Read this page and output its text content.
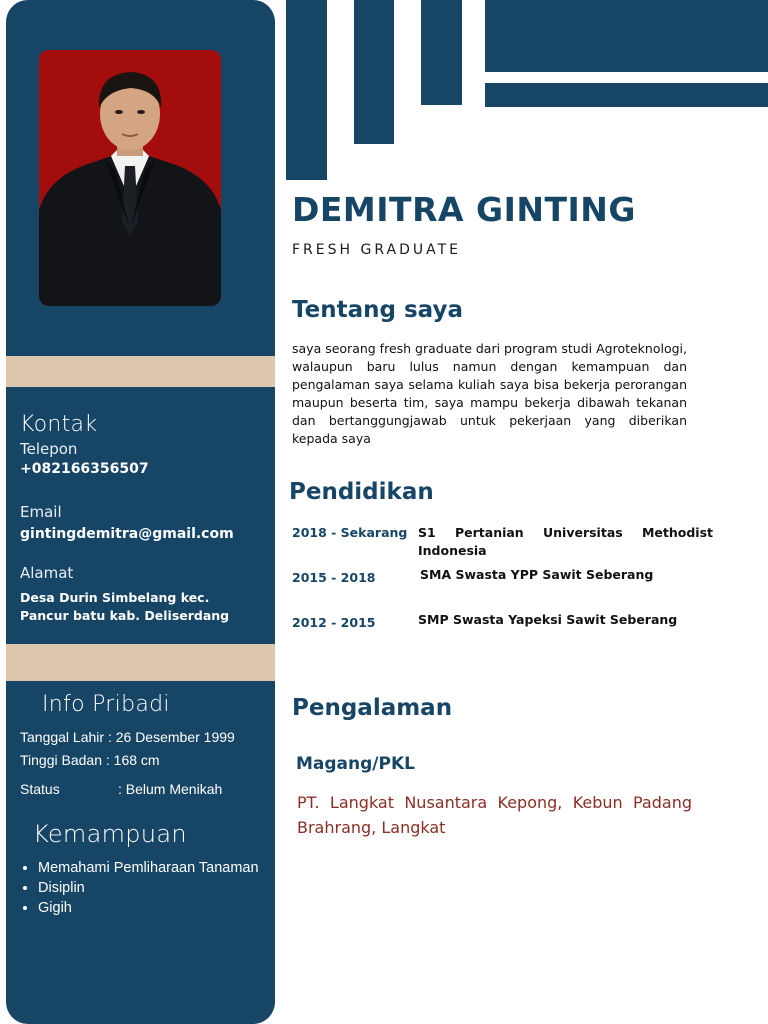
Kontak
Telepon
+082166356507
Email
gintingdemitra@gmail.com
Alamat
Desa Durin Simbelang kec.
Pancur batu kab. Deliserdang
Info Pribadi
Tanggal Lahir : 26 Desember 1999
Tinggi Badan : 168 cm
Status	: Belum Menikah
Kemampuan
• Memahami Pemliharaan Tanaman
• Disiplin
• Gigih
DEMITRA GINTING
FRESH GRADUATE
Tentang saya
saya seorang fresh graduate dari program studi Agroteknologi, walaupun baru lulus namun dengan kemampuan dan pengalaman saya selama kuliah saya bisa bekerja perorangan maupun beserta tim, saya mampu bekerja dibawah tekanan dan bertanggungjawab untuk pekerjaan yang diberikan kepada saya
Pendidikan
2018 - Sekarang S1 Pertanian Universitas Methodist Indonesia
2015 - 2018	SMA Swasta YPP Sawit Seberang
2012 - 2015	SMP Swasta Yapeksi Sawit Seberang
Pengalaman
Magang/PKL
PT. Langkat Nusantara Kepong, Kebun Padang Brahrang, Langkat
